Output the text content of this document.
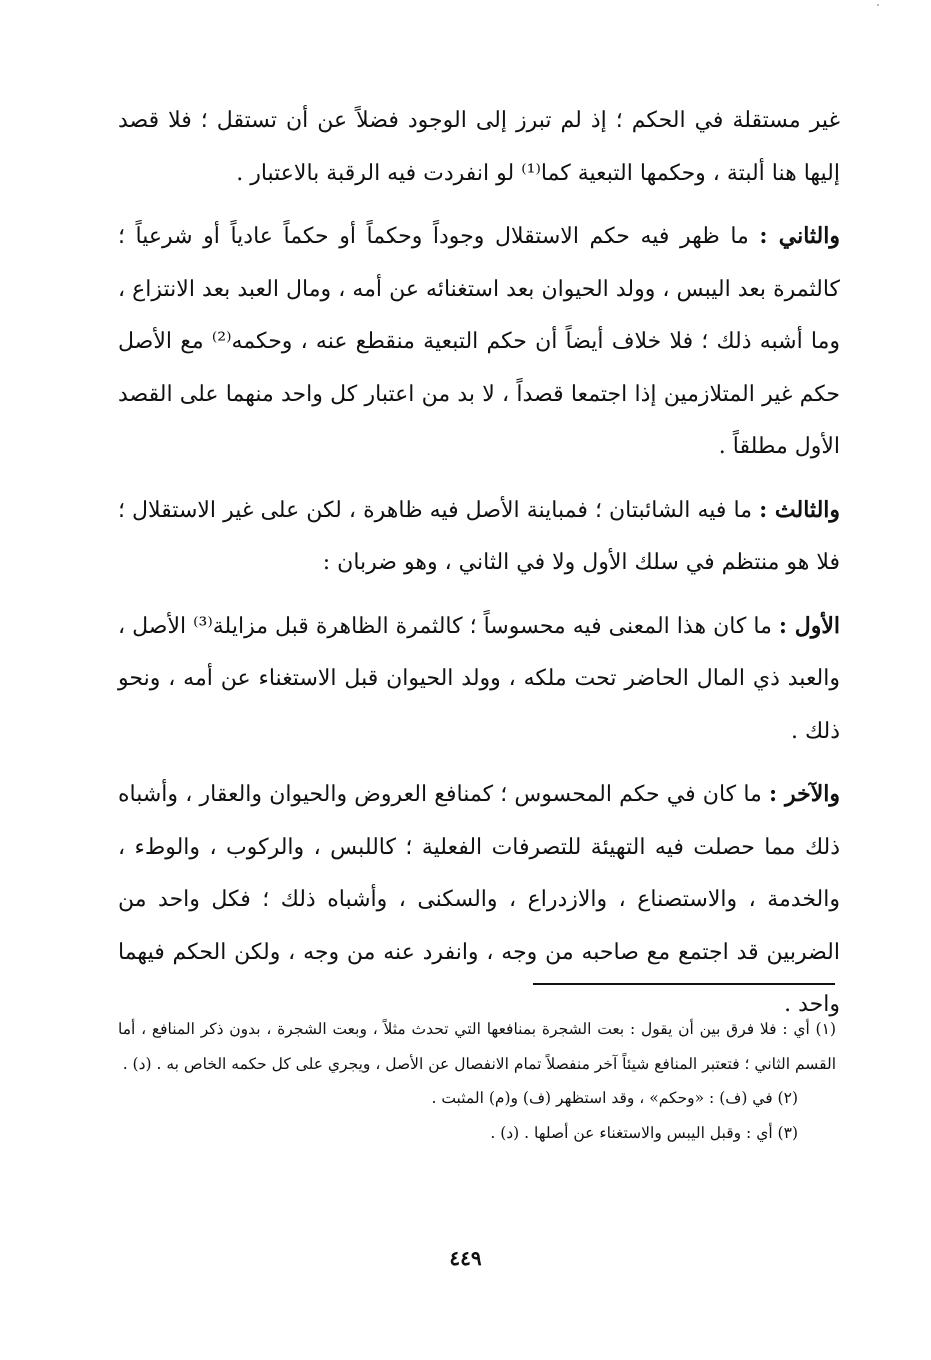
غير مستقلة في الحكم ؛ إذ لم تبرز إلى الوجود فضلاً عن أن تستقل ؛ فلا قصد إليها هنا ألبتة ، وحكمها التبعية كما⁽¹⁾ لو انفردت فيه الرقبة بالاعتبار .

والثاني : ما ظهر فيه حكم الاستقلال وجوداً وحكماً أو حكماً عادياً أو شرعياً ؛ كالثمرة بعد اليبس ، وولد الحيوان بعد استغنائه عن أمه ، ومال العبد بعد الانتزاع ، وما أشبه ذلك ؛ فلا خلاف أيضاً أن حكم التبعية منقطع عنه ، وحكمه⁽²⁾ مع الأصل حكم غير المتلازمين إذا اجتمعا قصداً ، لا بد من اعتبار كل واحد منهما على القصد الأول مطلقاً .

والثالث : ما فيه الشائبتان ؛ فمباينة الأصل فيه ظاهرة ، لكن على غير الاستقلال ؛ فلا هو منتظم في سلك الأول ولا في الثاني ، وهو ضربان :

الأول : ما كان هذا المعنى فيه محسوساً ؛ كالثمرة الظاهرة قبل مزايلة⁽³⁾ الأصل ، والعبد ذي المال الحاضر تحت ملكه ، وولد الحيوان قبل الاستغناء عن أمه ، ونحو ذلك .

والآخر : ما كان في حكم المحسوس ؛ كمنافع العروض والحيوان والعقار ، وأشباه ذلك مما حصلت فيه التهيئة للتصرفات الفعلية ؛ كاللبس ، والركوب ، والوطء ، والخدمة ، والاستصناع ، والازدراع ، والسكنى ، وأشباه ذلك ؛ فكل واحد من الضربين قد اجتمع مع صاحبه من وجه ، وانفرد عنه من وجه ، ولكن الحكم فيهما واحد .

(١) أي : فلا فرق بين أن يقول : بعت الشجرة بمنافعها التي تحدث مثلاً ، وبعت الشجرة ، بدون ذكر المنافع ، أما القسم الثاني ؛ فتعتبر المنافع شيئاً آخر منفصلاً تمام الانفصال عن الأصل ، ويجري على كل حكمه الخاص به . (د) .

(٢) في (ف) : «وحكم» ، وقد استظهر (ف) و(م) المثبت .

(٣) أي : وقبل اليبس والاستغناء عن أصلها . (د) .

٤٤٩
